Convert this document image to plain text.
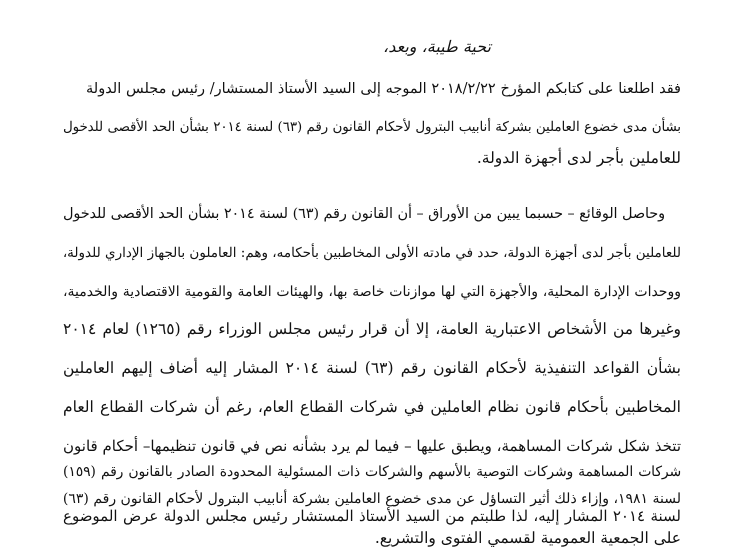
تحية طيبة، وبعد،
فقد اطلعنا على كتابكم المؤرخ ٢٠١٨/٢/٢٢ الموجه إلى السيد الأستاذ المستشار/ رئيس مجلس الدولة
بشأن مدى خضوع العاملين بشركة أنابيب البترول لأحكام القانون رقم (٦٣) لسنة ٢٠١٤ بشأن الحد الأقصى للدخول
للعاملين بأجر لدى أجهزة الدولة.
وحاصل الوقائع – حسبما يبين من الأوراق – أن القانون رقم (٦٣) لسنة ٢٠١٤ بشأن الحد الأقصى للدخول
للعاملين بأجر لدى أجهزة الدولة، حدد في مادته الأولى المخاطبين بأحكامه، وهم: العاملون بالجهاز الإداري للدولة،
ووحدات الإدارة المحلية، والأجهزة التي لها موازنات خاصة بها، والهيئات العامة والقومية الاقتصادية والخدمية،
وغيرها من الأشخاص الاعتبارية العامة، إلا أن قرار رئيس مجلس الوزراء رقم (١٢٦٥) لعام ٢٠١٤
بشأن القواعد التنفيذية لأحكام القانون رقم (٦٣) لسنة ٢٠١٤ المشار إليه أضاف إليهم العاملين
المخاطبين بأحكام قانون نظام العاملين في شركات القطاع العام، رغم أن شركات القطاع العام
تتخذ شكل شركات المساهمة، ويطبق عليها – فيما لم يرد بشأنه نص في قانون تنظيمها– أحكام قانون
شركات المساهمة وشركات التوصية بالأسهم والشركات ذات المسئولية المحدودة الصادر بالقانون رقم (١٥٩)
لسنة ١٩٨١، وإزاء ذلك أثير التساؤل عن مدى خضوع العاملين بشركة أنابيب البترول لأحكام القانون رقم (٦٣)
لسنة ٢٠١٤ المشار إليه، لذا طلبتم من السيد الأستاذ المستشار رئيس مجلس الدولة عرض الموضوع
على الجمعية العمومية لقسمي الفتوى والتشريع.
